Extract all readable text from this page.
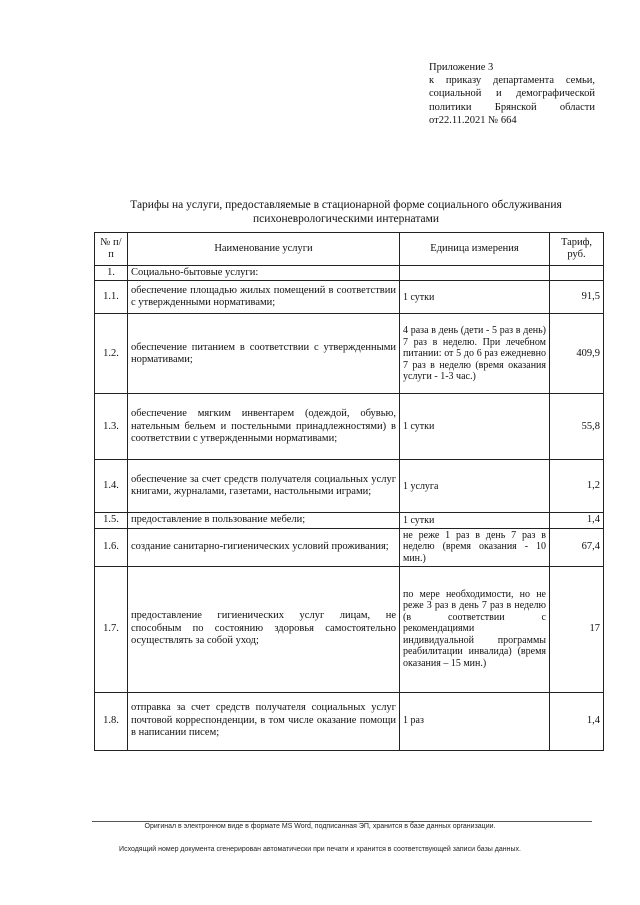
Приложение 3
к приказу департамента семьи,
социальной и демографической
политики Брянской области
от22.11.2021 № 664
Тарифы на услуги, предоставляемые в стационарной форме социального обслуживания
психоневрологическими интернатами
№ п/п	Наименование услуги	Единица измерения	Тариф, руб.
1.	Социально-бытовые услуги:		
1.1.	обеспечение площадью жилых помещений в соответствии с утвержденными нормативами;	1 сутки	91,5
1.2.	обеспечение питанием в соответствии с утвержденными нормативами;	4 раза в день (дети - 5 раз в день) 7 раз в неделю. При лечебном питании: от 5 до 6 раз ежедневно 7 раз в неделю (время оказания услуги - 1-3 час.)	409,9
1.3.	обеспечение мягким инвентарем (одеждой, обувью, нательным бельем и постельными принадлежностями) в соответствии с утвержденными нормативами;	1 сутки	55,8
1.4.	обеспечение за счет средств получателя социальных услуг книгами, журналами, газетами, настольными играми;	1 услуга	1,2
1.5.	предоставление в пользование мебели;	1 сутки	1,4
1.6.	создание санитарно-гигиенических условий проживания;	не реже 1 раз в день 7 раз в неделю (время оказания - 10 мин.)	67,4
1.7.	предоставление гигиенических услуг лицам, не способным по состоянию здоровья самостоятельно осуществлять за собой уход;	по мере необходимости, но не реже 3 раз в день 7 раз в неделю (в соответствии с рекомендациями индивидуальной программы реабилитации инвалида) (время оказания – 15 мин.)	17
1.8.	отправка за счет средств получателя социальных услуг почтовой корреспонденции, в том числе оказание помощи в написании писем;	1 раз	1,4
Оригинал в электронном виде в формате MS Word, подписанная ЭП, хранится в базе данных организации.
Исходящий номер документа сгенерирован автоматически при печати и хранится в соответствующей записи базы данных.
